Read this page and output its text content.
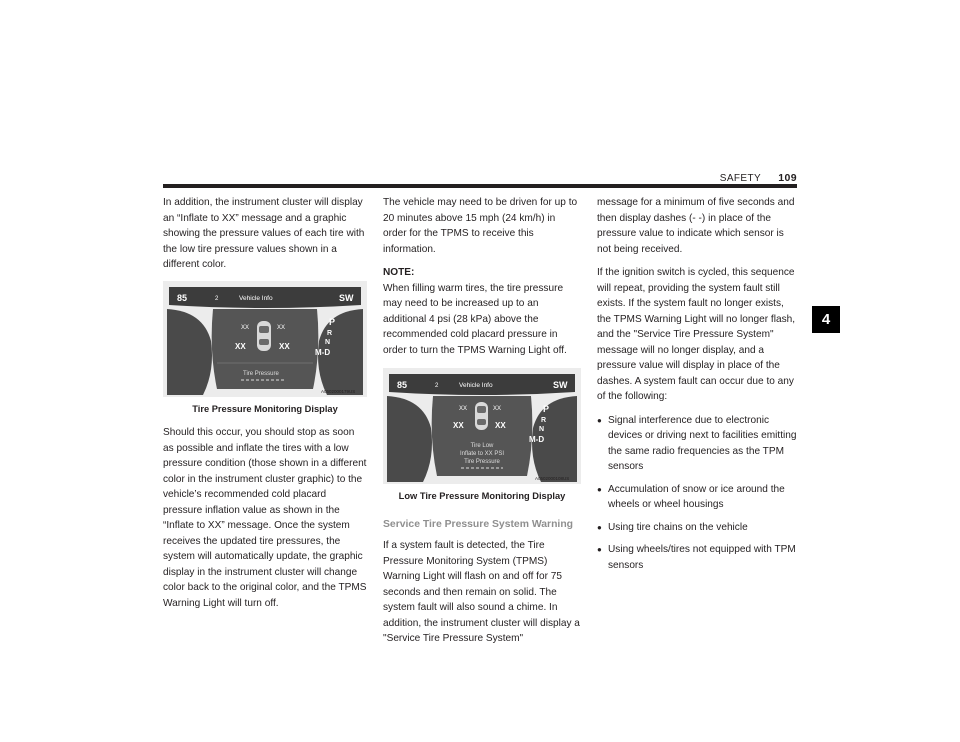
SAFETY 109
4

In addition, the instrument cluster will display an “Inflate to XX” message and a graphic showing the pressure values of each tire with the low tire pressure values shown in a different color.

85	2	Vehicle Info	SW
XX	XX
XX	XX
Tire Pressure
P
R
N
M-D
A0502000179US
Tire Pressure Monitoring Display

Should this occur, you should stop as soon as possible and inflate the tires with a low pressure condition (those shown in a different color in the instrument cluster graphic) to the vehicle’s recommended cold placard pressure inflation value as shown in the “Inflate to XX” message. Once the system receives the updated tire pressures, the system will automatically update, the graphic display in the instrument cluster will change color back to the original color, and the TPMS Warning Light will turn off.

The vehicle may need to be driven for up to 20 minutes above 15 mph (24 km/h) in order for the TPMS to receive this information.

NOTE:

When filling warm tires, the tire pressure may need to be increased up to an additional 4 psi (28 kPa) above the recommended cold placard pressure in order to turn the TPMS Warning Light off.

85	2	Vehicle Info	SW
XX	XX
XX	XX
Tire Low
Inflate to XX PSI
Tire Pressure
P
R
N
M-D
A0502000108US
Low Tire Pressure Monitoring Display
Service Tire Pressure System Warning

If a system fault is detected, the Tire Pressure Monitoring System (TPMS) Warning Light will flash on and off for 75 seconds and then remain on solid. The system fault will also sound a chime. In addition, the instrument cluster will display a "Service Tire Pressure System"

message for a minimum of five seconds and then display dashes (- -) in place of the pressure value to indicate which sensor is not being received.

If the ignition switch is cycled, this sequence will repeat, providing the system fault still exists. If the system fault no longer exists, the TPMS Warning Light will no longer flash, and the "Service Tire Pressure System" message will no longer display, and a pressure value will display in place of the dashes. A system fault can occur due to any of the following:

● Signal interference due to electronic devices or driving next to facilities emitting the same radio frequencies as the TPM sensors
● Accumulation of snow or ice around the wheels or wheel housings
● Using tire chains on the vehicle
● Using wheels/tires not equipped with TPM sensors
